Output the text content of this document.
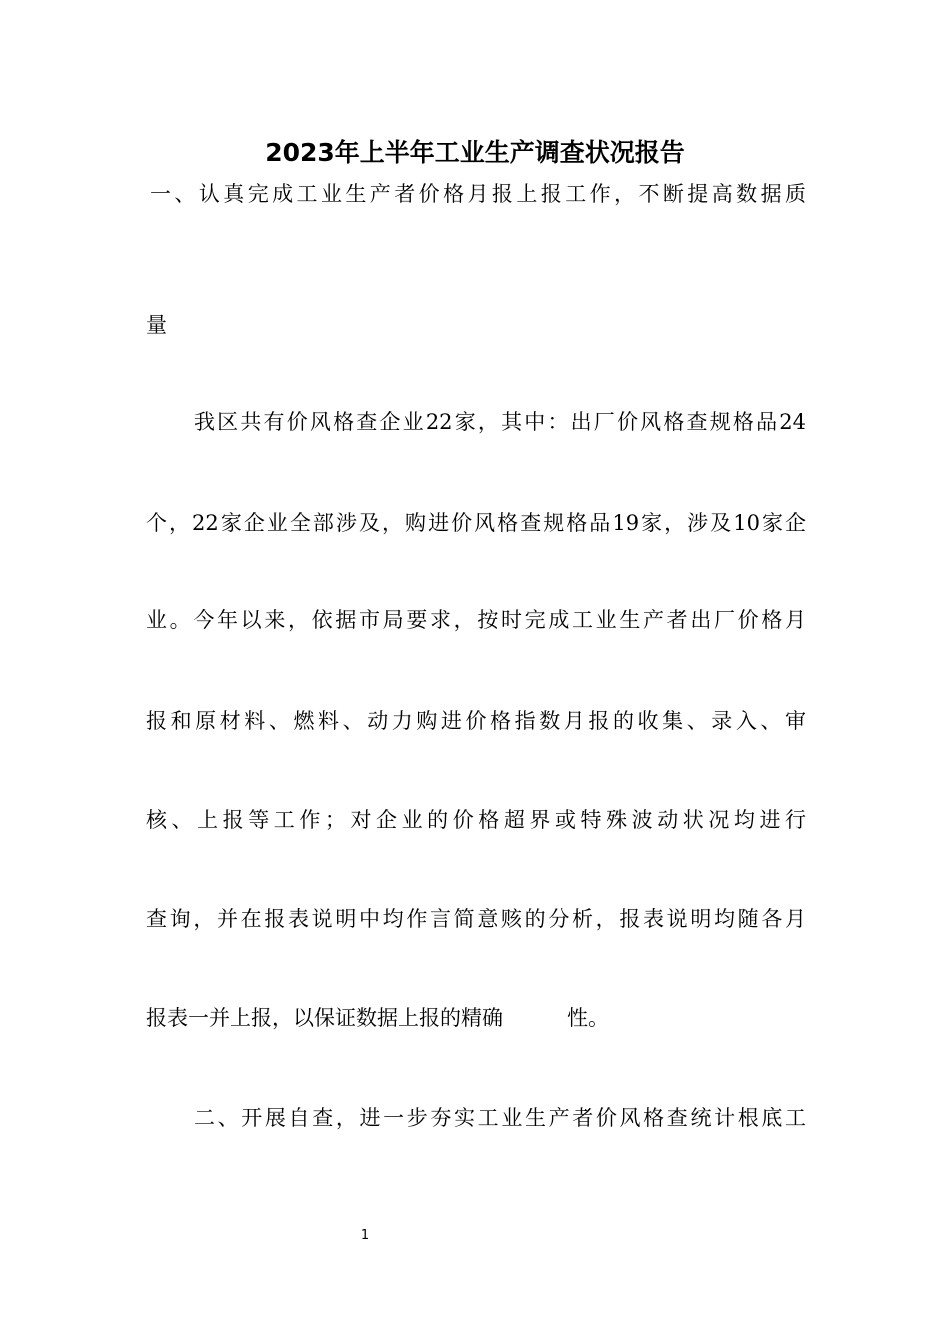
2023年上半年工业生产调查状况报告

一、认真完成工业生产者价格月报上报工作，不断提高数据质

量

我区共有价风格查企业22家，其中：出厂价风格查规格品24

个，22家企业全部涉及，购进价风格查规格品19家，涉及10家企

业。今年以来，依据市局要求，按时完成工业生产者出厂价格月

报和原材料、燃料、动力购进价格指数月报的收集、录入、审

核、上报等工作；对企业的价格超界或特殊波动状况均进行

查询，并在报表说明中均作言简意赅的分析，报表说明均随各月

报表一并上报，以保证数据上报的精确	性。

二、开展自查，进一步夯实工业生产者价风格查统计根底工

1
